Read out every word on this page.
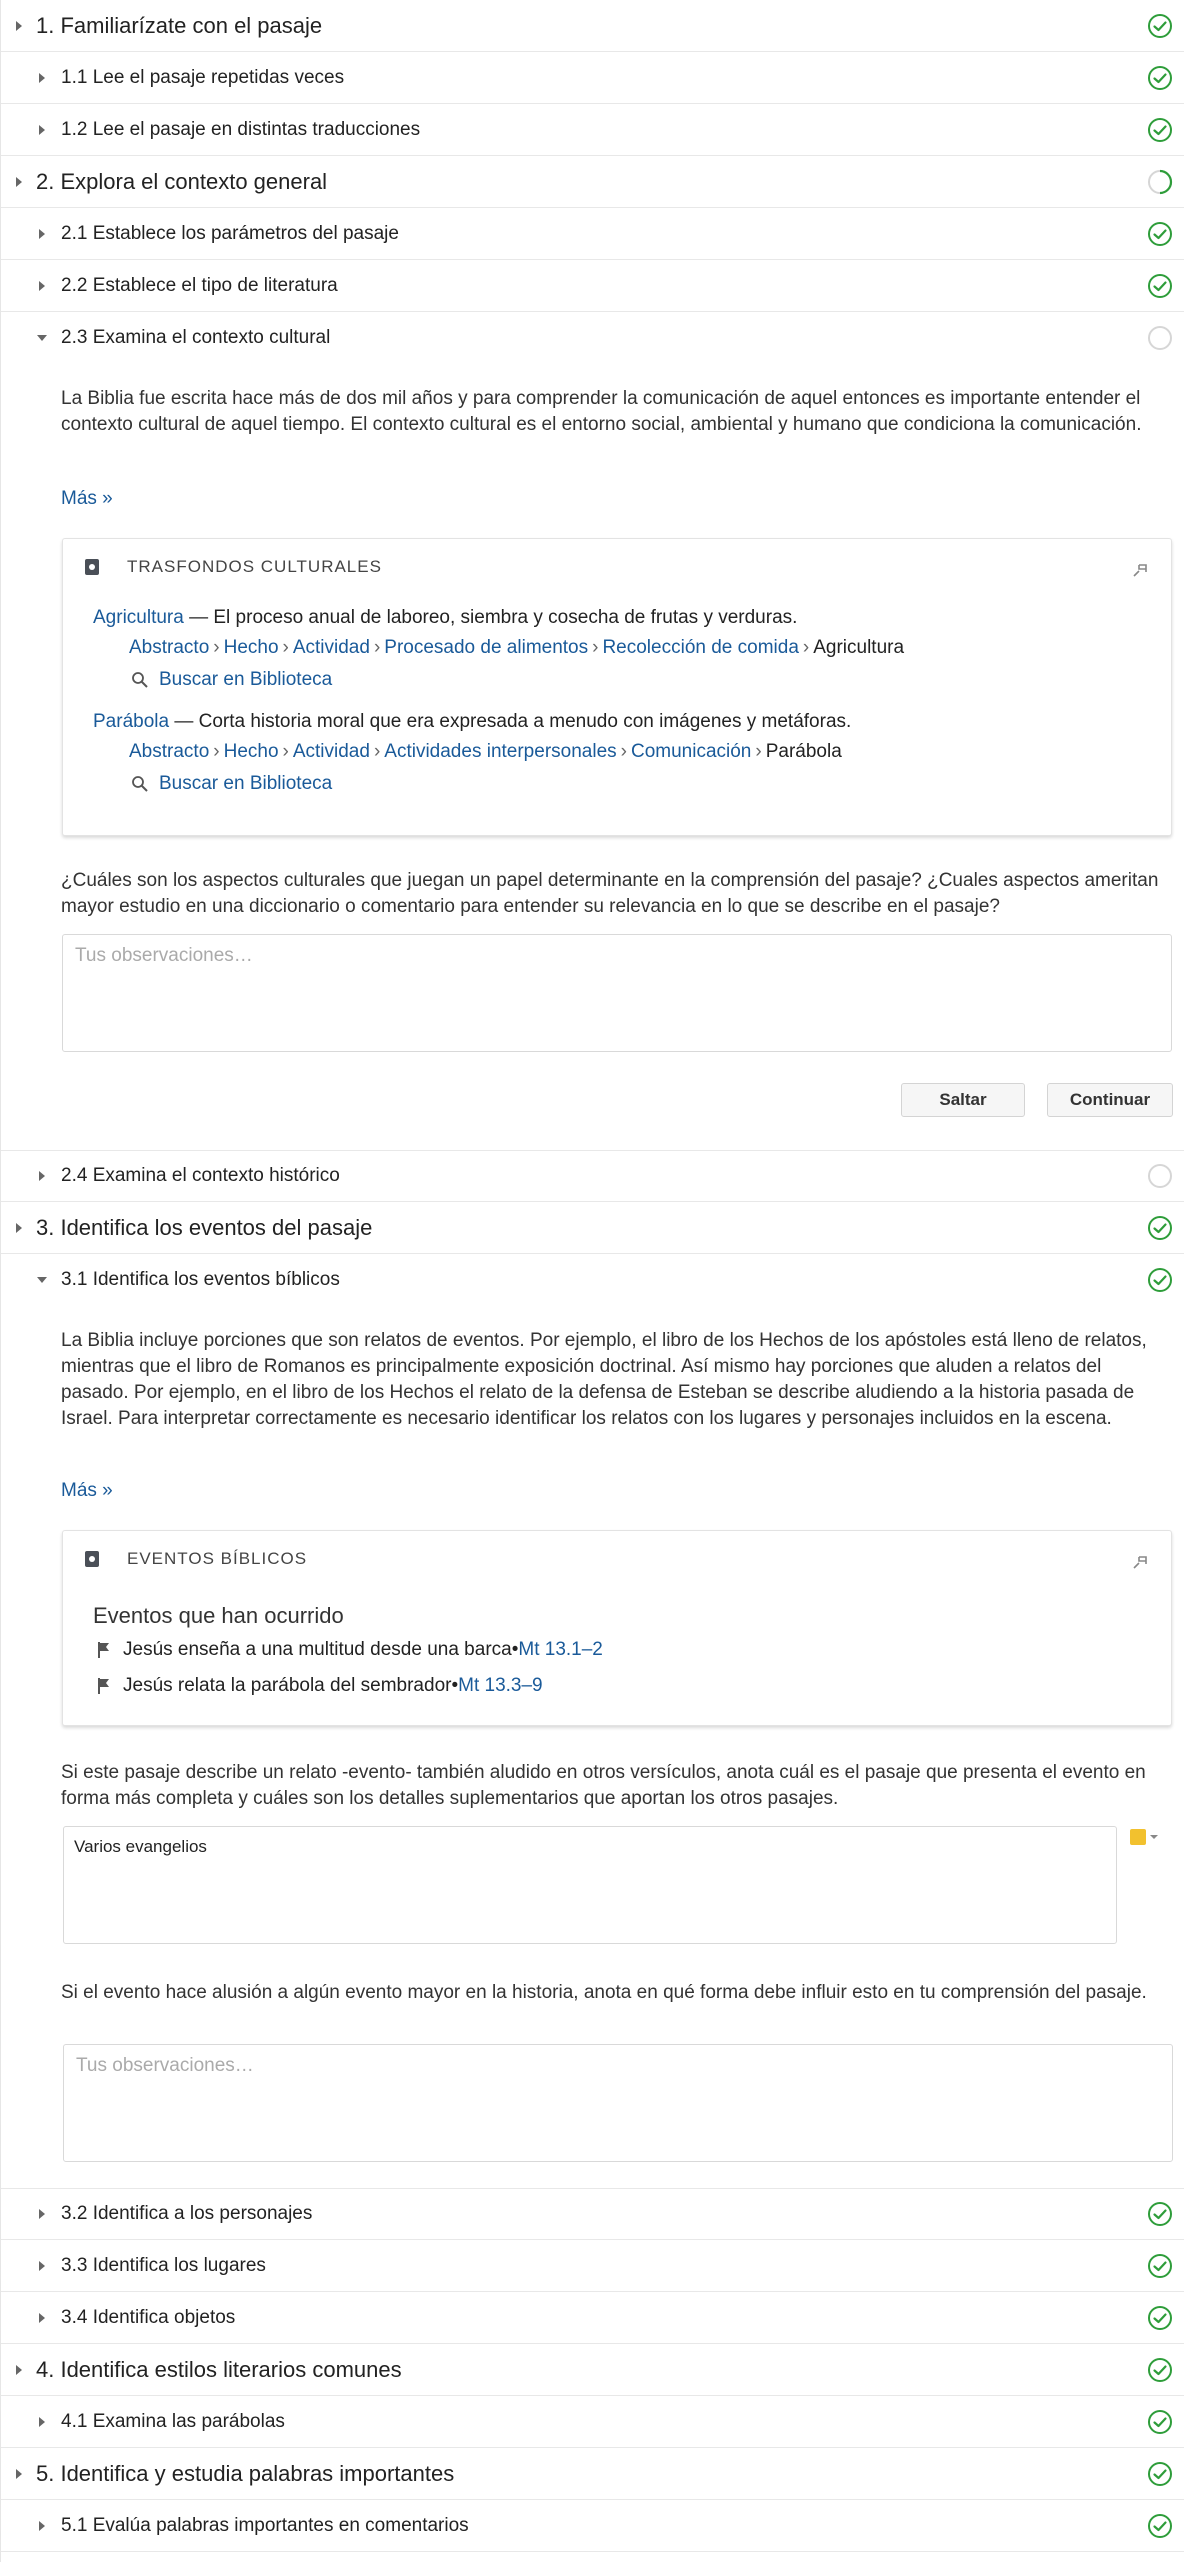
1. Familiarízate con el pasaje
1.1 Lee el pasaje repetidas veces
1.2 Lee el pasaje en distintas traducciones
2. Explora el contexto general
2.1 Establece los parámetros del pasaje
2.2 Establece el tipo de literatura
2.3 Examina el contexto cultural

La Biblia fue escrita hace más de dos mil años y para comprender la comunicación de aquel entonces es importante entender el contexto cultural de aquel tiempo. El contexto cultural es el entorno social, ambiental y humano que condiciona la comunicación.

Más »
TRASFONDOS CULTURALES
Agricultura — El proceso anual de laboreo, siembra y cosecha de frutas y verduras.
Abstracto › Hecho › Actividad › Procesado de alimentos › Recolección de comida › Agricultura
Buscar en Biblioteca
Parábola — Corta historia moral que era expresada a menudo con imágenes y metáforas.
Abstracto › Hecho › Actividad › Actividades interpersonales › Comunicación › Parábola
Buscar en Biblioteca

¿Cuáles son los aspectos culturales que juegan un papel determinante en la comprensión del pasaje? ¿Cuales aspectos ameritan mayor estudio en una diccionario o comentario para entender su relevancia en lo que se describe en el pasaje?

Tus observaciones…
Saltar	Continuar
2.4 Examina el contexto histórico
3. Identifica los eventos del pasaje
3.1 Identifica los eventos bíblicos

La Biblia incluye porciones que son relatos de eventos. Por ejemplo, el libro de los Hechos de los apóstoles está lleno de relatos, mientras que el libro de Romanos es principalmente exposición doctrinal. Así mismo hay porciones que aluden a relatos del pasado. Por ejemplo, en el libro de los Hechos el relato de la defensa de Esteban se describe aludiendo a la historia pasada de Israel. Para interpretar correctamente es necesario identificar los relatos con los lugares y personajes incluidos en la escena.

Más »
EVENTOS BÍBLICOS
Eventos que han ocurrido
Jesús enseña a una multitud desde una barca • Mt 13.1–2
Jesús relata la parábola del sembrador • Mt 13.3–9

Si este pasaje describe un relato -evento- también aludido en otros versículos, anota cuál es el pasaje que presenta el evento en forma más completa y cuáles son los detalles suplementarios que aportan los otros pasajes.

Varios evangelios

Si el evento hace alusión a algún evento mayor en la historia, anota en qué forma debe influir esto en tu comprensión del pasaje.

Tus observaciones…
3.2 Identifica a los personajes
3.3 Identifica los lugares
3.4 Identifica objetos
4. Identifica estilos literarios comunes
4.1 Examina las parábolas
5. Identifica y estudia palabras importantes
5.1 Evalúa palabras importantes en comentarios
